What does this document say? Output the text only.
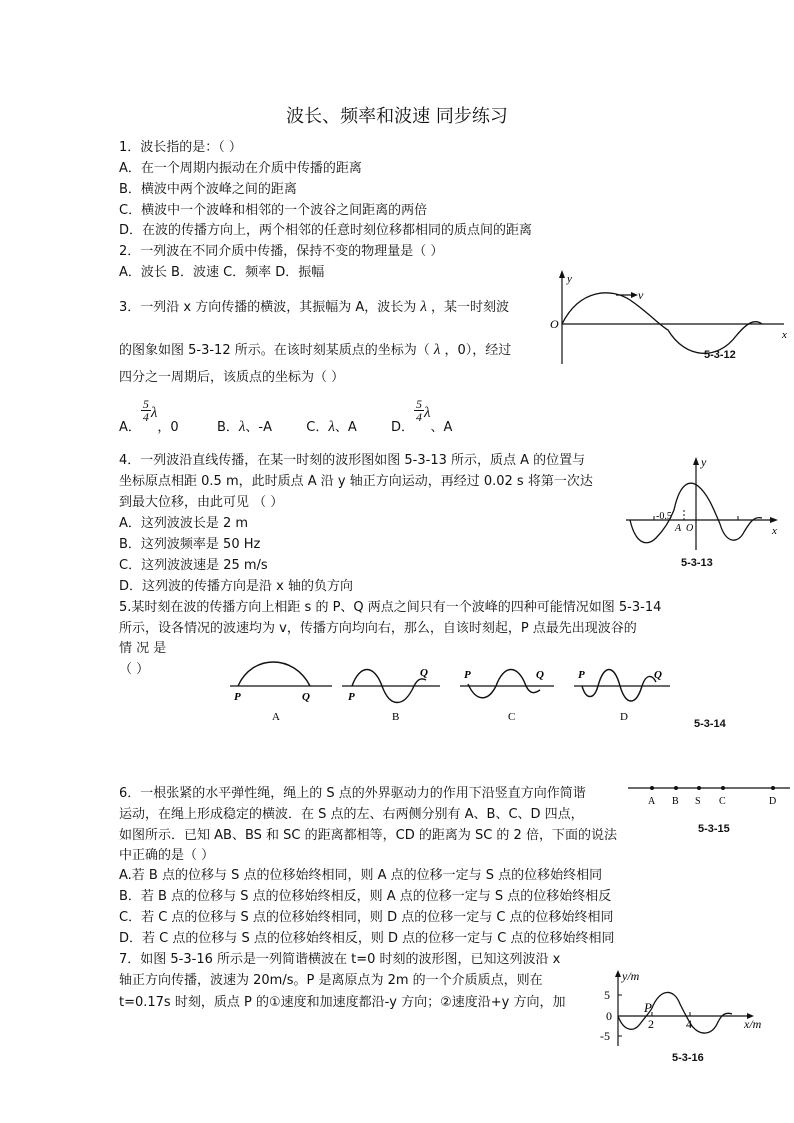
波长、频率和波速 同步练习
1．波长指的是：（ ）
A．在一个周期内振动在介质中传播的距离
B．横波中两个波峰之间的距离
C．横波中一个波峰和相邻的一个波谷之间距离的两倍
D．在波的传播方向上，两个相邻的任意时刻位移都相同的质点间的距离
2．一列波在不同介质中传播，保持不变的物理量是（ ）
A．波长 B．波速 C．频率 D．振幅
3．一列沿 x 方向传播的横波，其振幅为 A，波长为 λ ，某一时刻波
的图象如图 5-3-12 所示。在该时刻某质点的坐标为（ λ ，0），经过
四分之一周期后，该质点的坐标为（ ）
A．
$\frac{5}{4}$ λ，0	B．λ、-A	C．λ、A	D．
$\frac{5}{4}$ λ、A
v
y
O
x
5-3-12
4．一列波沿直线传播，在某一时刻的波形图如图 5-3-13 所示，质点 A 的位置与
坐标原点相距 0.5 m，此时质点 A 沿 y 轴正方向运动，再经过 0.02 s 将第一次达
到最大位移，由此可见 （ ）
A．这列波波长是 2 m
B．这列波频率是 50 Hz
C．这列波波速是 25 m/s
D．这列波的传播方向是沿 x 轴的负方向
y
-0.5
A O	x
5-3-13
5.某时刻在波的传播方向上相距 s 的 P、Q 两点之间只有一个波峰的四种可能情况如图 5-3-14
所示，设各情况的波速均为 v，传播方向均向右，那么，自该时刻起，P 点最先出现波谷的
情 况 是
（ ）
P	Q
A
P
Q
B
P	Q
C
P	Q
D
5-3-14
6．一根张紧的水平弹性绳，绳上的 S 点的外界驱动力的作用下沿竖直方向作简谐
运动，在绳上形成稳定的横波．在 S 点的左、右两侧分别有 A、B、C、D 四点，
如图所示．已知 AB、BS 和 SC 的距离都相等，CD 的距离为 SC 的 2 倍，下面的说法
中正确的是（ ）
A.若 B 点的位移与 S 点的位移始终相同，则 A 点的位移一定与 S 点的位移始终相同
B．若 B 点的位移与 S 点的位移始终相反，则 A 点的位移一定与 S 点的位移始终相反
C．若 C 点的位移与 S 点的位移始终相同，则 D 点的位移一定与 C 点的位移始终相同
D．若 C 点的位移与 S 点的位移始终相反，则 D 点的位移一定与 C 点的位移始终相同
A B S C	D
5-3-15
7．如图 5-3-16 所示是一列简谐横波在 t=0 时刻的波形图，已知这列波沿 x
轴正方向传播，波速为 20m/s。P 是离原点为 2m 的一个介质质点，则在
t=0.17s 时刻，质点 P 的①速度和加速度都沿-y 方向；②速度沿+y 方向，加
y/m
5
0
-5
2	4
P
x/m
5-3-16
